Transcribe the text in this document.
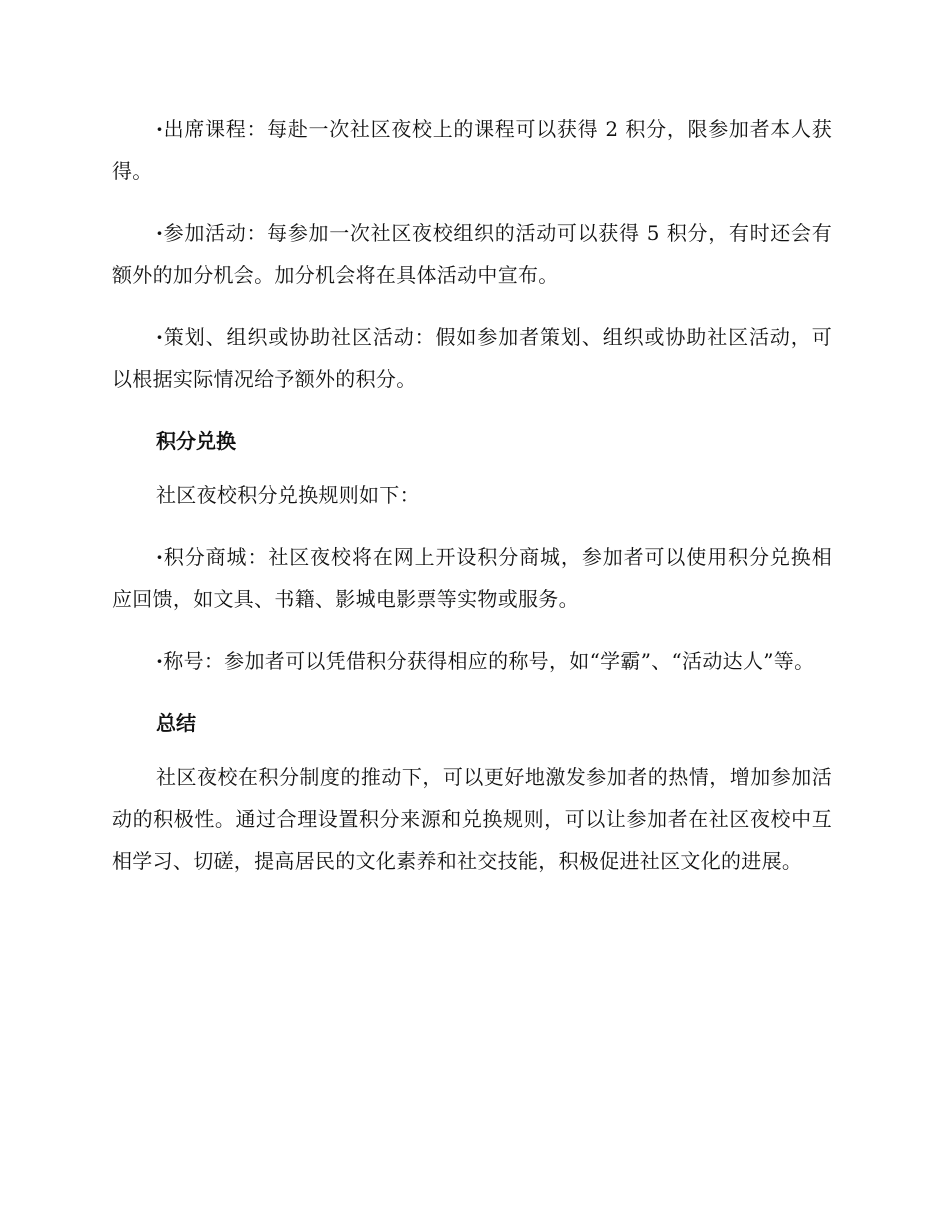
·出席课程：每赴一次社区夜校上的课程可以获得 2 积分，限参加者本人获得。

·参加活动：每参加一次社区夜校组织的活动可以获得 5 积分，有时还会有额外的加分机会。加分机会将在具体活动中宣布。

·策划、组织或协助社区活动：假如参加者策划、组织或协助社区活动，可以根据实际情况给予额外的积分。

积分兑换

社区夜校积分兑换规则如下：

·积分商城：社区夜校将在网上开设积分商城，参加者可以使用积分兑换相应回馈，如文具、书籍、影城电影票等实物或服务。

·称号：参加者可以凭借积分获得相应的称号，如“学霸”、“活动达人”等。

总结

社区夜校在积分制度的推动下，可以更好地激发参加者的热情，增加参加活动的积极性。通过合理设置积分来源和兑换规则，可以让参加者在社区夜校中互相学习、切磋，提高居民的文化素养和社交技能，积极促进社区文化的进展。
